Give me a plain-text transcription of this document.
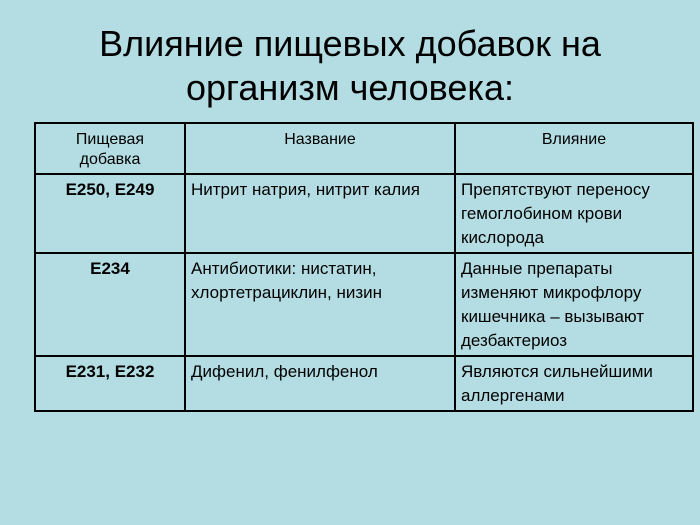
Влияние пищевых добавок на
организм человека:
Пищевая добавка	Название	Влияние
Е250, Е249	Нитрит натрия, нитрит калия	Препятствуют переносу гемоглобином крови кислорода
Е234	Антибиотики: нистатин, хлортетрациклин, низин	Данные препараты изменяют микрофлору кишечника – вызывают дезбактериоз
Е231, Е232	Дифенил, фенилфенол	Являются сильнейшими аллергенами
